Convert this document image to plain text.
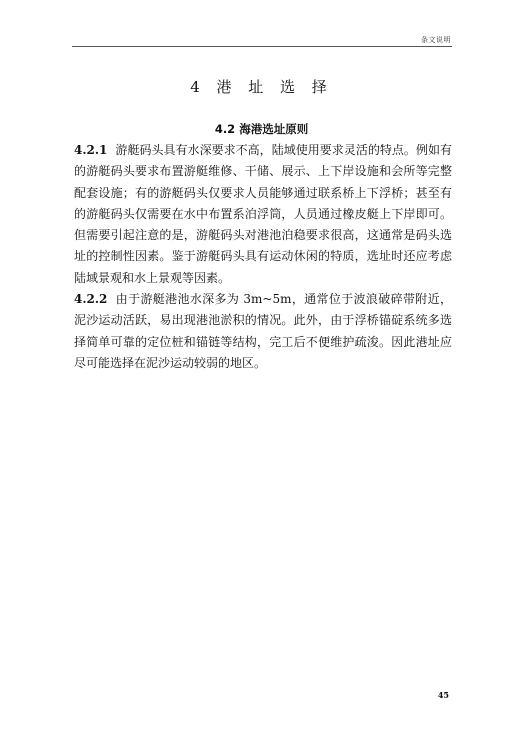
条文说明
4 港 址 选 择
4.2 海港选址原则

4.2.1 游艇码头具有水深要求不高，陆域使用要求灵活的特点。例如有的游艇码头要求布置游艇维修、干储、展示、上下岸设施和会所等完整配套设施；有的游艇码头仅要求人员能够通过联系桥上下浮桥；甚至有的游艇码头仅需要在水中布置系泊浮筒，人员通过橡皮艇上下岸即可。但需要引起注意的是，游艇码头对港池泊稳要求很高，这通常是码头选址的控制性因素。鉴于游艇码头具有运动休闲的特质，选址时还应考虑陆域景观和水上景观等因素。

4.2.2 由于游艇港池水深多为 3m~5m，通常位于波浪破碎带附近，泥沙运动活跃，易出现港池淤积的情况。此外，由于浮桥锚碇系统多选择简单可靠的定位桩和锚链等结构，完工后不便维护疏浚。因此港址应尽可能选择在泥沙运动较弱的地区。

45
